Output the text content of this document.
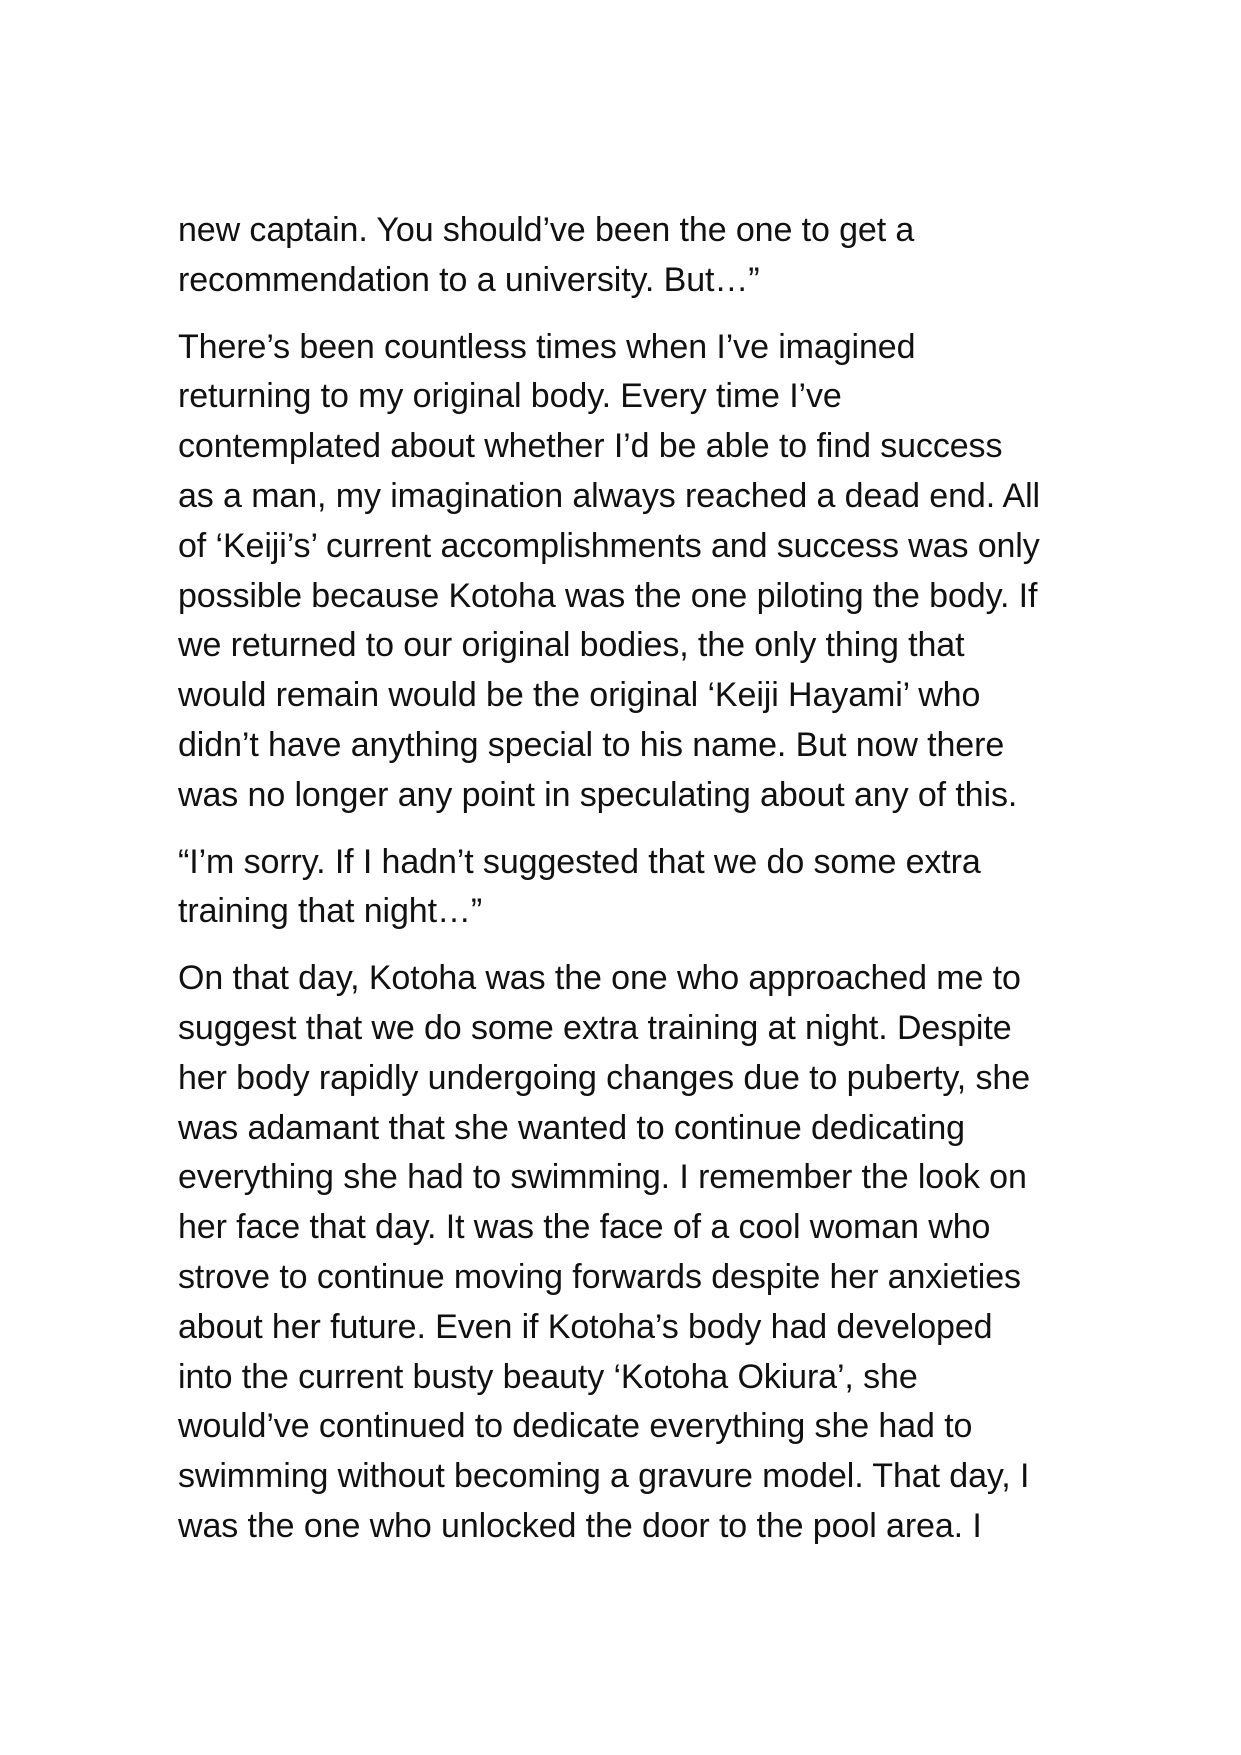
new captain. You should’ve been the one to get a
recommendation to a university. But…”

There’s been countless times when I’ve imagined
returning to my original body. Every time I’ve
contemplated about whether I’d be able to find success
as a man, my imagination always reached a dead end. All
of ‘Keiji’s’ current accomplishments and success was only
possible because Kotoha was the one piloting the body. If
we returned to our original bodies, the only thing that
would remain would be the original ‘Keiji Hayami’ who
didn’t have anything special to his name. But now there
was no longer any point in speculating about any of this.

“I’m sorry. If I hadn’t suggested that we do some extra
training that night…”

On that day, Kotoha was the one who approached me to
suggest that we do some extra training at night. Despite
her body rapidly undergoing changes due to puberty, she
was adamant that she wanted to continue dedicating
everything she had to swimming. I remember the look on
her face that day. It was the face of a cool woman who
strove to continue moving forwards despite her anxieties
about her future. Even if Kotoha’s body had developed
into the current busty beauty ‘Kotoha Okiura’, she
would’ve continued to dedicate everything she had to
swimming without becoming a gravure model. That day, I
was the one who unlocked the door to the pool area. I
